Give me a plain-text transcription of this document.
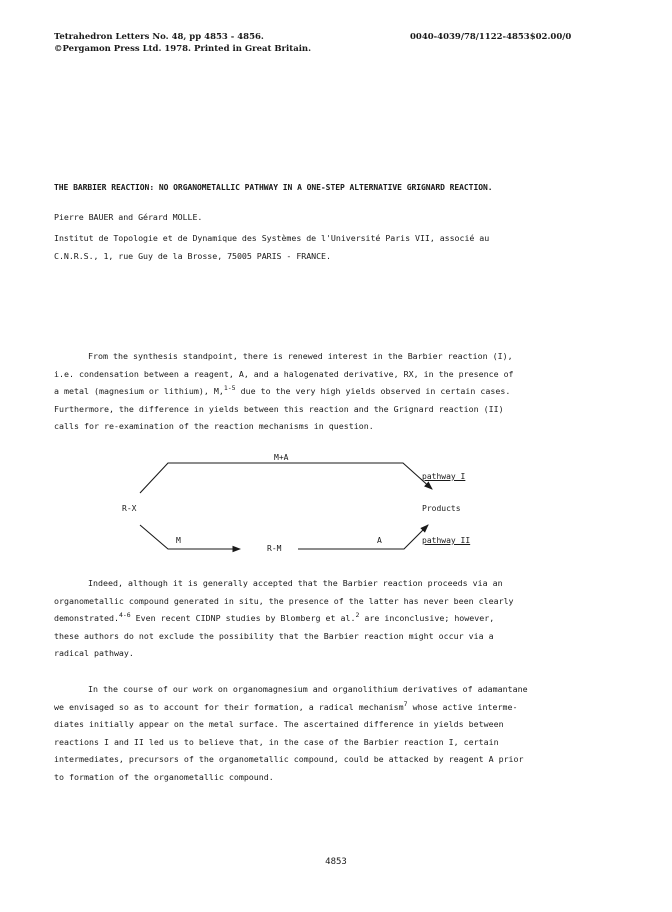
Tetrahedron Letters No. 48, pp 4853 - 4856.	0040-4039/78/1122-4853$02.00/0
©Pergamon Press Ltd. 1978. Printed in Great Britain.
THE BARBIER REACTION: NO ORGANOMETALLIC PATHWAY IN A ONE-STEP ALTERNATIVE GRIGNARD REACTION.
Pierre BAUER and Gérard MOLLE.
Institut de Topologie et de Dynamique des Systèmes de l'Université Paris VII, associé au
C.N.R.S., 1, rue Guy de la Brosse, 75005 PARIS - FRANCE.
From the synthesis standpoint, there is renewed interest in the Barbier reaction (I),
i.e. condensation between a reagent, A, and a halogenated derivative, RX, in the presence of
a metal (magnesium or lithium), M,$^{1-5}$ due to the very high yields observed in certain cases.
Furthermore, the difference in yields between this reaction and the Grignard reaction (II)
calls for re-examination of the reaction mechanisms in question.
M+A
R-X	Products
pathway I
pathway II
M
R-M
A
Indeed, although it is generally accepted that the Barbier reaction proceeds via an
organometallic compound generated in situ, the presence of the latter has never been clearly
demonstrated.$^{4-6}$ Even recent CIDNP studies by Blomberg et al.$^2$ are inconclusive; however,
these authors do not exclude the possibility that the Barbier reaction might occur via a
radical pathway.
In the course of our work on organomagnesium and organolithium derivatives of adamantane
we envisaged so as to account for their formation, a radical mechanism$^7$ whose active interme-
diates initially appear on the metal surface. The ascertained difference in yields between
reactions I and II led us to believe that, in the case of the Barbier reaction I, certain
intermediates, precursors of the organometallic compound, could be attacked by reagent A prior
to formation of the organometallic compound.
4853
